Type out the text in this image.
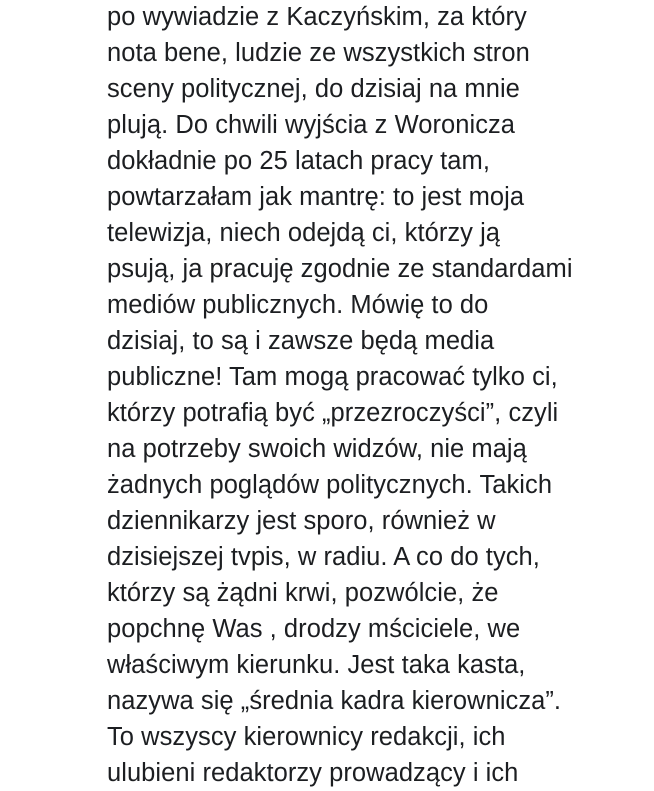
po wywiadzie z Kaczyńskim, za który
nota bene, ludzie ze wszystkich stron
sceny politycznej, do dzisiaj na mnie
plują. Do chwili wyjścia z Woronicza
dokładnie po 25 latach pracy tam,
powtarzałam jak mantrę: to jest moja
telewizja, niech odejdą ci, którzy ją
psują, ja pracuję zgodnie ze standardami
mediów publicznych. Mówię to do
dzisiaj, to są i zawsze będą media
publiczne! Tam mogą pracować tylko ci,
którzy potrafią być „przezroczyści”, czyli
na potrzeby swoich widzów, nie mają
żadnych poglądów politycznych. Takich
dziennikarzy jest sporo, również w
dzisiejszej tvpis, w radiu. A co do tych,
którzy są żądni krwi, pozwólcie, że
popchnę Was , drodzy mściciele, we
właściwym kierunku. Jest taka kasta,
nazywa się „średnia kadra kierownicza”.
To wszyscy kierownicy redakcji, ich
ulubieni redaktorzy prowadzący i ich
